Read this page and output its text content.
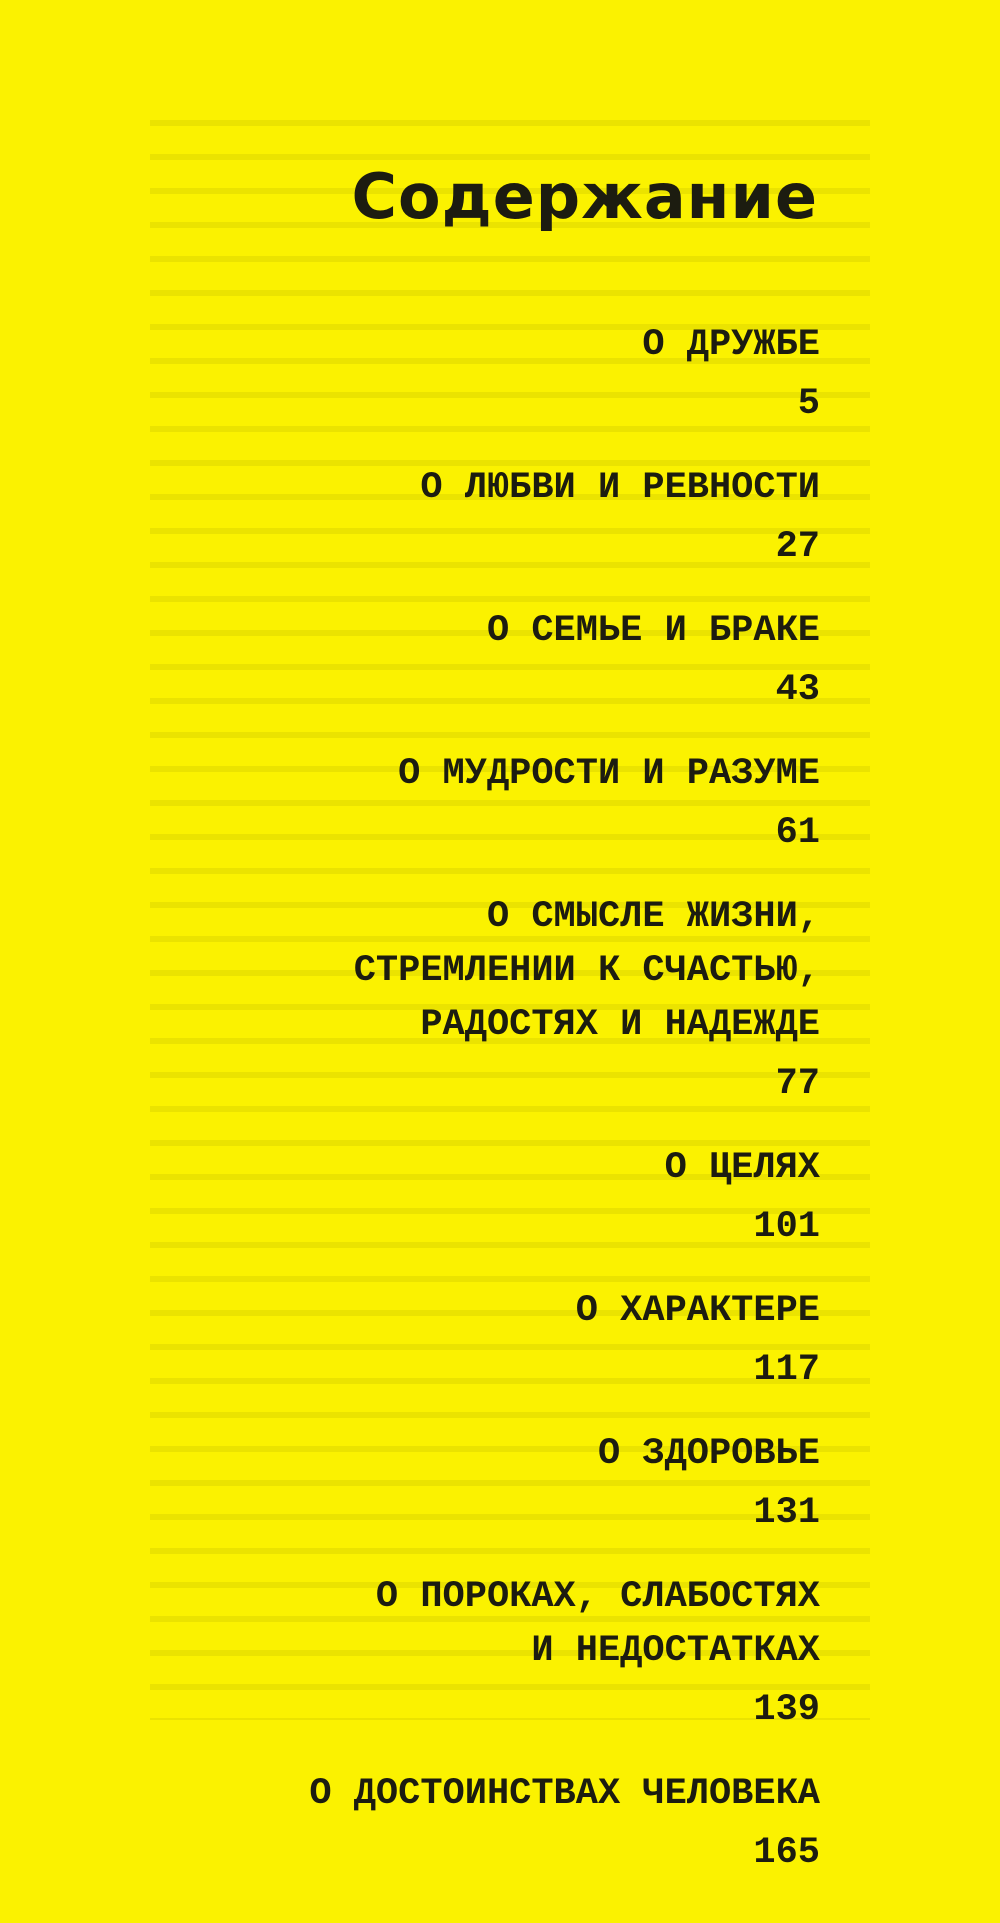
Содержание
О ДРУЖБЕ
5
О ЛЮБВИ И РЕВНОСТИ
27
О СЕМЬЕ И БРАКЕ
43
О МУДРОСТИ И РАЗУМЕ
61
О СМЫСЛЕ ЖИЗНИ,
СТРЕМЛЕНИИ К СЧАСТЬЮ,
РАДОСТЯХ И НАДЕЖДЕ
77
О ЦЕЛЯХ
101
О ХАРАКТЕРЕ
117
О ЗДОРОВЬЕ
131
О ПОРОКАХ, СЛАБОСТЯХ
И НЕДОСТАТКАХ
139
О ДОСТОИНСТВАХ ЧЕЛОВЕКА
165
